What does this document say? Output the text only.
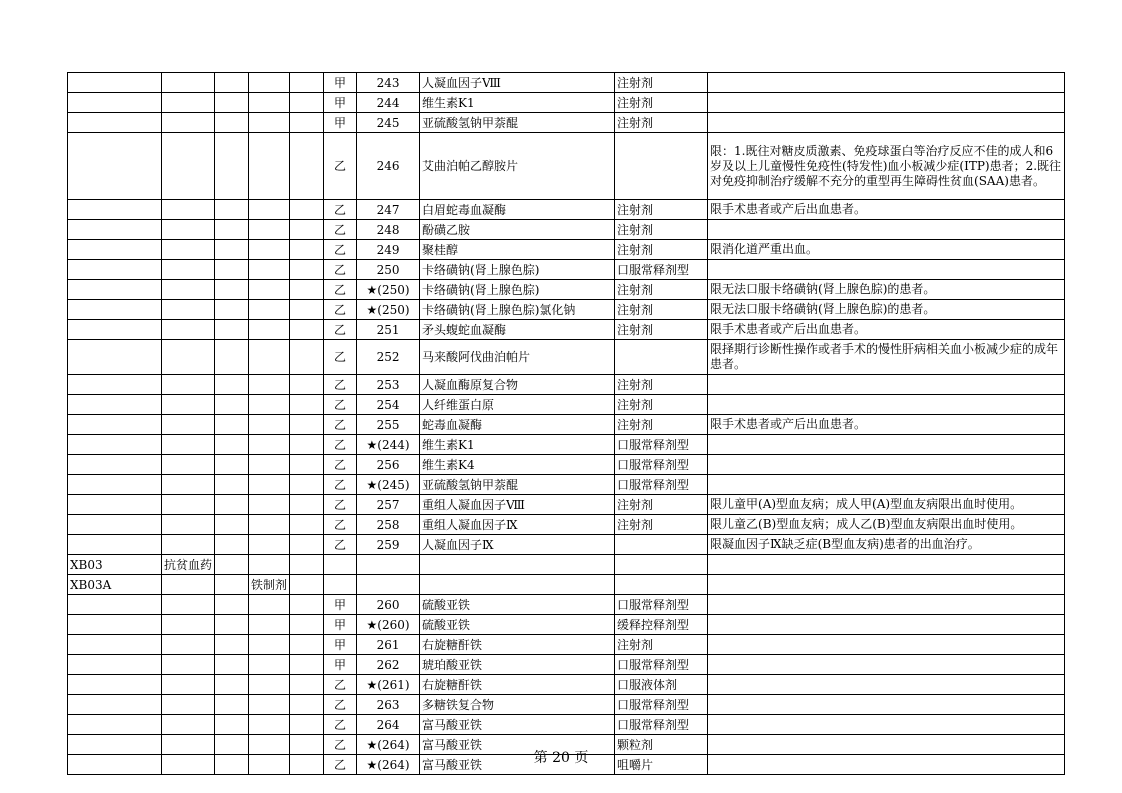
					甲	243	人凝血因子Ⅷ	注射剂	
					甲	244	维生素K1	注射剂	
					甲	245	亚硫酸氢钠甲萘醌	注射剂	
					乙	246	艾曲泊帕乙醇胺片		限：1.既往对糖皮质激素、免疫球蛋白等治疗反应不佳的成人和6岁及以上儿童慢性免疫性(特发性)血小板减少症(ITP)患者；2.既往对免疫抑制治疗缓解不充分的重型再生障碍性贫血(SAA)患者。
					乙	247	白眉蛇毒血凝酶	注射剂	限手术患者或产后出血患者。
					乙	248	酚磺乙胺	注射剂	
					乙	249	聚桂醇	注射剂	限消化道严重出血。
					乙	250	卡络磺钠(肾上腺色腙)	口服常释剂型	
					乙	★(250)	卡络磺钠(肾上腺色腙)	注射剂	限无法口服卡络磺钠(肾上腺色腙)的患者。
					乙	★(250)	卡络磺钠(肾上腺色腙)氯化钠	注射剂	限无法口服卡络磺钠(肾上腺色腙)的患者。
					乙	251	矛头蝮蛇血凝酶	注射剂	限手术患者或产后出血患者。
					乙	252	马来酸阿伐曲泊帕片		限择期行诊断性操作或者手术的慢性肝病相关血小板减少症的成年患者。
					乙	253	人凝血酶原复合物	注射剂	
					乙	254	人纤维蛋白原	注射剂	
					乙	255	蛇毒血凝酶	注射剂	限手术患者或产后出血患者。
					乙	★(244)	维生素K1	口服常释剂型	
					乙	256	维生素K4	口服常释剂型	
					乙	★(245)	亚硫酸氢钠甲萘醌	口服常释剂型	
					乙	257	重组人凝血因子Ⅷ	注射剂	限儿童甲(A)型血友病；成人甲(A)型血友病限出血时使用。
					乙	258	重组人凝血因子Ⅸ	注射剂	限儿童乙(B)型血友病；成人乙(B)型血友病限出血时使用。
					乙	259	人凝血因子Ⅸ		限凝血因子Ⅸ缺乏症(B型血友病)患者的出血治疗。
XB03	抗贫血药								
XB03A			铁制剂						
					甲	260	硫酸亚铁	口服常释剂型	
					甲	★(260)	硫酸亚铁	缓释控释剂型	
					甲	261	右旋糖酐铁	注射剂	
					甲	262	琥珀酸亚铁	口服常释剂型	
					乙	★(261)	右旋糖酐铁	口服液体剂	
					乙	263	多糖铁复合物	口服常释剂型	
					乙	264	富马酸亚铁	口服常释剂型	
					乙	★(264)	富马酸亚铁	颗粒剂	
					乙	★(264)	富马酸亚铁	咀嚼片	
第 20 页
